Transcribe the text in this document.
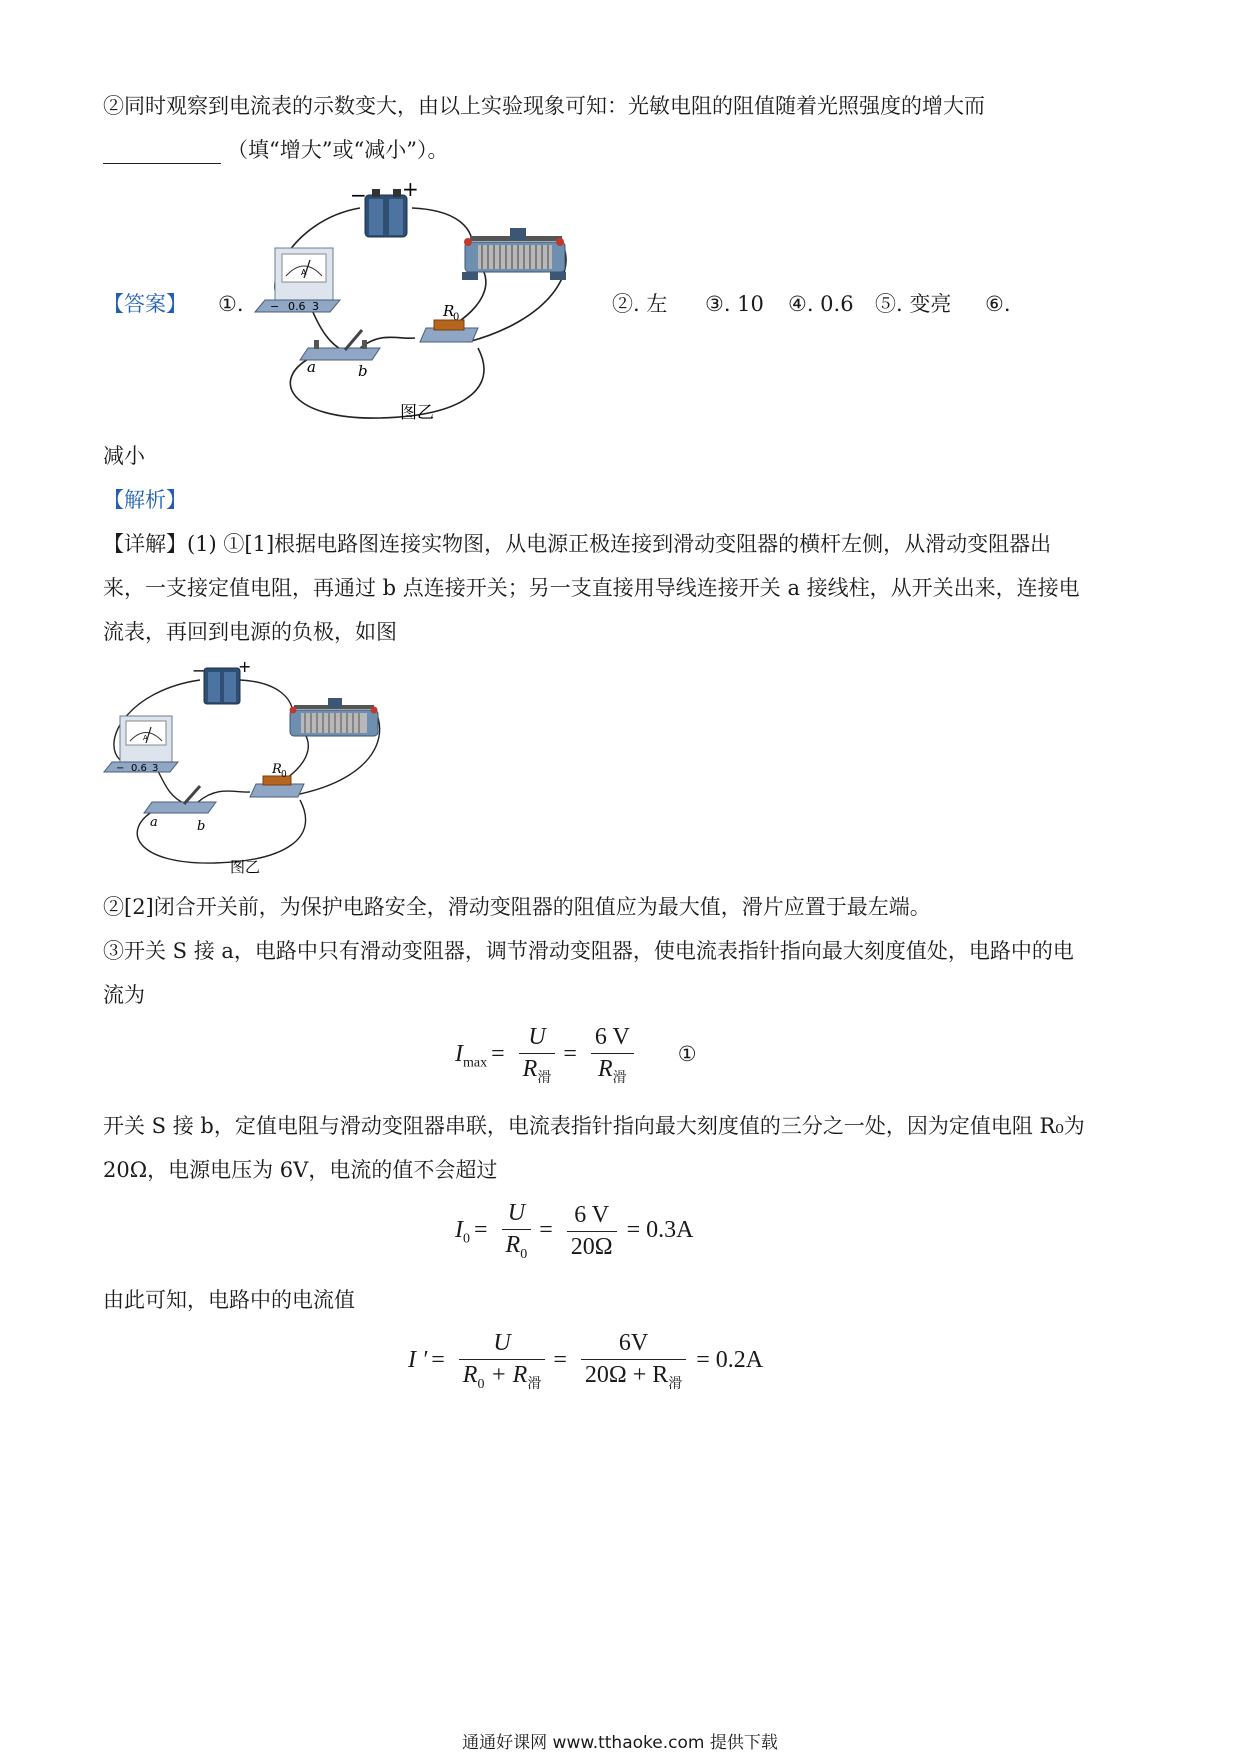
②同时观察到电流表的示数变大，由以上实验现象可知：光敏电阻的阻值随着光照强度的增大而
（填“增大”或“减小”）。
【答案】 ①.	②. 左 ③. 10 ④. 0.6 ⑤. 变亮 ⑥.
减小
【解析】
【详解】(1) ①[1]根据电路图连接实物图，从电源正极连接到滑动变阻器的横杆左侧，从滑动变阻器出
来，一支接定值电阻，再通过 b 点连接开关；另一支直接用导线连接开关 a 接线柱，从开关出来，连接电
流表，再回到电源的负极，如图
②[2]闭合开关前，为保护电路安全，滑动变阻器的阻值应为最大值，滑片应置于最左端。
③开关 S 接 a，电路中只有滑动变阻器，调节滑动变阻器，使电流表指针指向最大刻度值处，电路中的电
流为
开关 S 接 b，定值电阻与滑动变阻器串联，电流表指针指向最大刻度值的三分之一处，因为定值电阻 R₀为
20Ω，电源电压为 6V，电流的值不会超过
由此可知，电路中的电流值
− +
A
− 0.6 3
a	b
R
0
图乙
− +
A
− 0.6 3
a	b
R 0
图乙
$I_{max} = \frac{U}{R_滑} = \frac{6 V}{R_滑}$ ①
$I_0 = \frac{U}{R_0} = \frac{6 V}{20\Omega} = 0.3A$
I ′ = $\frac{U}{R_0 + R_滑} = \frac{6V}{20\Omega + R_滑} = 0.2A$
通通好课网 www.tthaoke.com 提供下载
